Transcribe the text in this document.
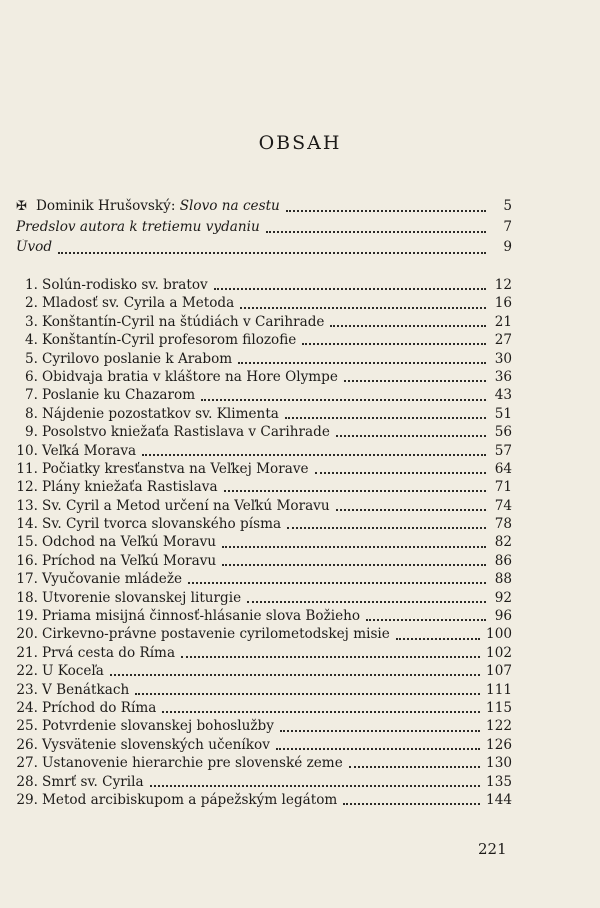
OBSAH
✠ Dominik Hrušovský: Slovo na cestu	5
Predslov autora k tretiemu vydaniu	7
Úvod	9
1. Solún-rodisko sv. bratov	12
2. Mladosť sv. Cyrila a Metoda	16
3. Konštantín-Cyril na štúdiách v Carihrade	21
4. Konštantín-Cyril profesorom filozofie	27
5. Cyrilovo poslanie k Arabom	30
6. Obidvaja bratia v kláštore na Hore Olympe	36
7. Poslanie ku Chazarom	43
8. Nájdenie pozostatkov sv. Klimenta	51
9. Posolstvo kniežaťa Rastislava v Carihrade	56
10. Veľká Morava	57
11. Počiatky kresťanstva na Veľkej Morave	64
12. Plány kniežaťa Rastislava	71
13. Sv. Cyril a Metod určení na Veľkú Moravu	74
14. Sv. Cyril tvorca slovanského písma	78
15. Odchod na Veľkú Moravu	82
16. Príchod na Veľkú Moravu	86
17. Vyučovanie mládeže	88
18. Utvorenie slovanskej liturgie	92
19. Priama misijná činnosť-hlásanie slova Božieho	96
20. Cirkevno-právne postavenie cyrilometodskej misie	100
21. Prvá cesta do Ríma	102
22. U Koceľa	107
23. V Benátkach	111
24. Príchod do Ríma	115
25. Potvrdenie slovanskej bohoslužby	122
26. Vysvätenie slovenských učeníkov	126
27. Ustanovenie hierarchie pre slovenské zeme	130
28. Smrť sv. Cyrila	135
29. Metod arcibiskupom a pápežským legátom	144
221
